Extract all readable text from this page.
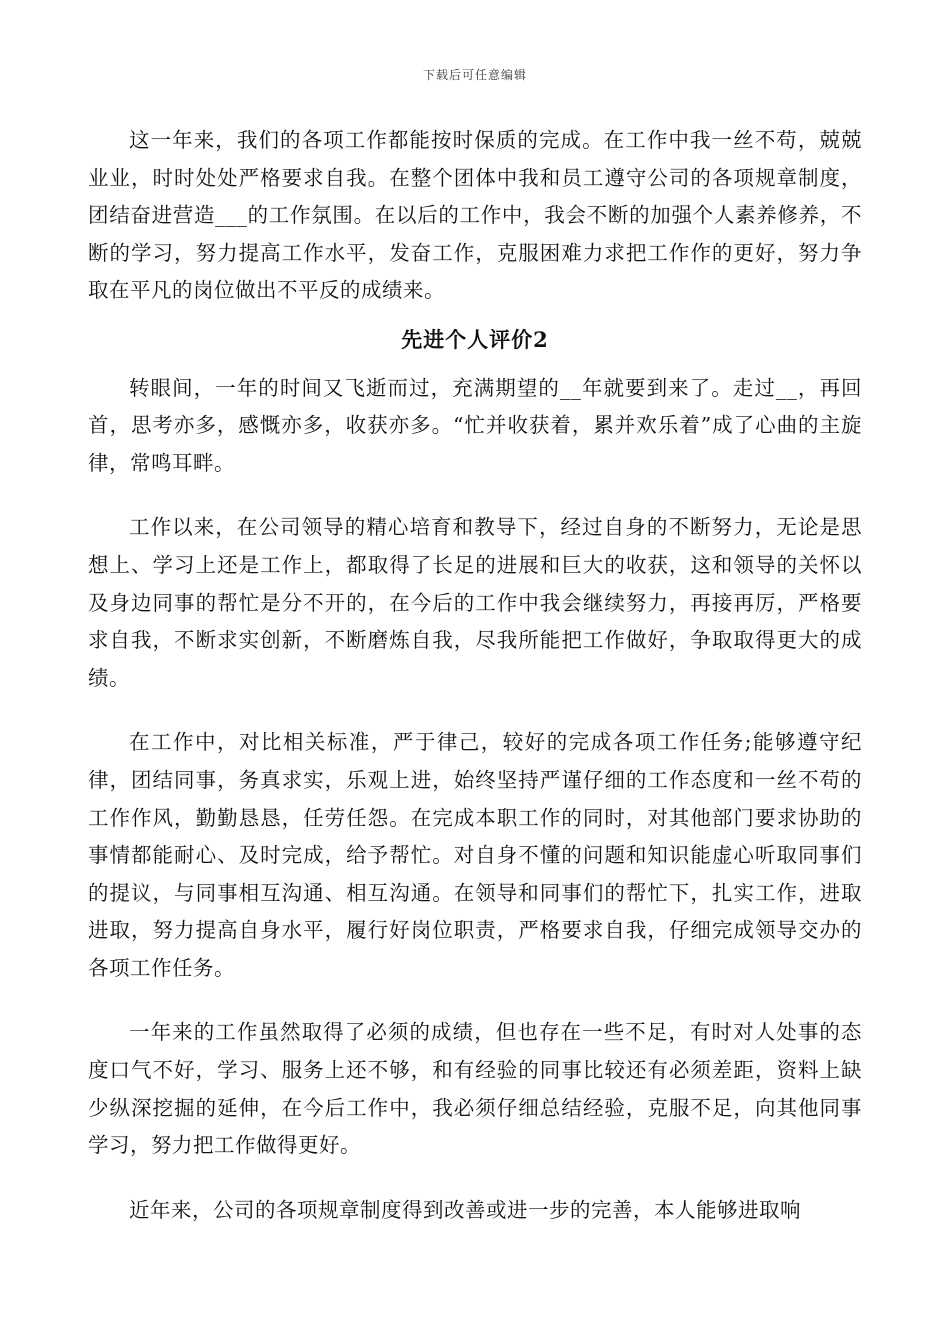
下载后可任意编辑

这一年来，我们的各项工作都能按时保质的完成。在工作中我一丝不苟，兢兢业业，时时处处严格要求自我。在整个团体中我和员工遵守公司的各项规章制度，团结奋进营造___的工作氛围。在以后的工作中，我会不断的加强个人素养修养，不断的学习，努力提高工作水平，发奋工作，克服困难力求把工作作的更好，努力争取在平凡的岗位做出不平反的成绩来。

先进个人评价2

转眼间，一年的时间又飞逝而过，充满期望的__年就要到来了。走过__，再回首，思考亦多，感慨亦多，收获亦多。“忙并收获着，累并欢乐着”成了心曲的主旋律，常鸣耳畔。

工作以来，在公司领导的精心培育和教导下，经过自身的不断努力，无论是思想上、学习上还是工作上，都取得了长足的进展和巨大的收获，这和领导的关怀以及身边同事的帮忙是分不开的，在今后的工作中我会继续努力，再接再厉，严格要求自我，不断求实创新，不断磨炼自我，尽我所能把工作做好，争取取得更大的成绩。

在工作中，对比相关标准，严于律己，较好的完成各项工作任务;能够遵守纪律，团结同事，务真求实，乐观上进，始终坚持严谨仔细的工作态度和一丝不苟的工作作风，勤勤恳恳，任劳任怨。在完成本职工作的同时，对其他部门要求协助的事情都能耐心、及时完成，给予帮忙。对自身不懂的问题和知识能虚心听取同事们的提议，与同事相互沟通、相互沟通。在领导和同事们的帮忙下，扎实工作，进取进取，努力提高自身水平，履行好岗位职责，严格要求自我，仔细完成领导交办的各项工作任务。

一年来的工作虽然取得了必须的成绩，但也存在一些不足，有时对人处事的态度口气不好，学习、服务上还不够，和有经验的同事比较还有必须差距，资料上缺少纵深挖掘的延伸，在今后工作中，我必须仔细总结经验，克服不足，向其他同事学习，努力把工作做得更好。

近年来，公司的各项规章制度得到改善或进一步的完善，本人能够进取响
